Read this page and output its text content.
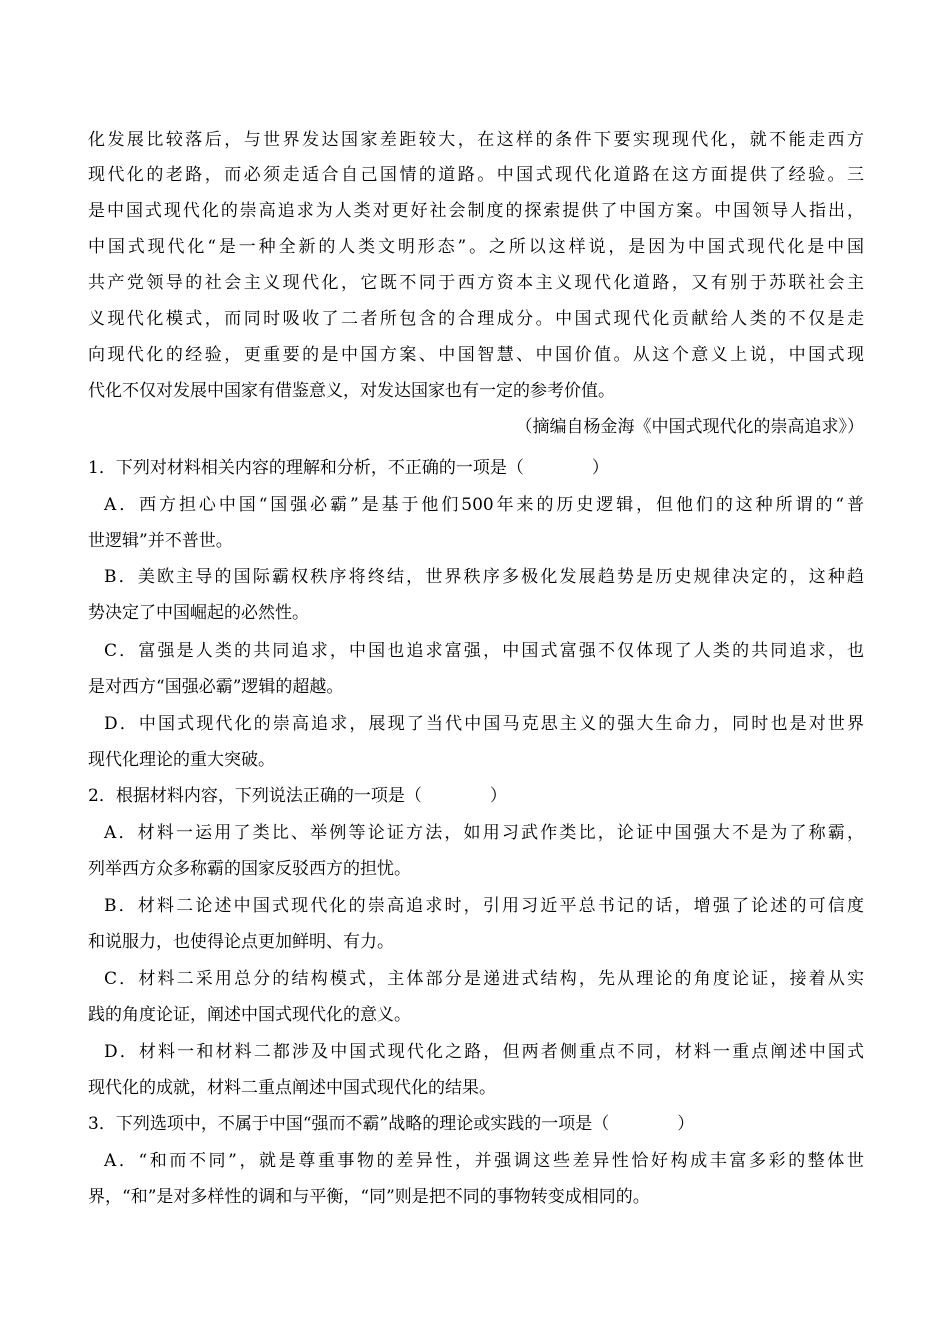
化发展比较落后，与世界发达国家差距较大，在这样的条件下要实现现代化，就不能走西方
现代化的老路，而必须走适合自己国情的道路。中国式现代化道路在这方面提供了经验。三
是中国式现代化的崇高追求为人类对更好社会制度的探索提供了中国方案。中国领导人指出，
中国式现代化“是一种全新的人类文明形态”。之所以这样说，是因为中国式现代化是中国
共产党领导的社会主义现代化，它既不同于西方资本主义现代化道路，又有别于苏联社会主
义现代化模式，而同时吸收了二者所包含的合理成分。中国式现代化贡献给人类的不仅是走
向现代化的经验，更重要的是中国方案、中国智慧、中国价值。从这个意义上说，中国式现
代化不仅对发展中国家有借鉴意义，对发达国家也有一定的参考价值。
（摘编自杨金海《中国式现代化的崇高追求》）
1．下列对材料相关内容的理解和分析，不正确的一项是（　　　　）
A．西方担心中国“国强必霸”是基于他们500年来的历史逻辑，但他们的这种所谓的“普
世逻辑”并不普世。
B．美欧主导的国际霸权秩序将终结，世界秩序多极化发展趋势是历史规律决定的，这种趋
势决定了中国崛起的必然性。
C．富强是人类的共同追求，中国也追求富强，中国式富强不仅体现了人类的共同追求，也
是对西方“国强必霸”逻辑的超越。
D．中国式现代化的崇高追求，展现了当代中国马克思主义的强大生命力，同时也是对世界
现代化理论的重大突破。
2．根据材料内容，下列说法正确的一项是（　　　　）
A．材料一运用了类比、举例等论证方法，如用习武作类比，论证中国强大不是为了称霸，
列举西方众多称霸的国家反驳西方的担忧。
B．材料二论述中国式现代化的崇高追求时，引用习近平总书记的话，增强了论述的可信度
和说服力，也使得论点更加鲜明、有力。
C．材料二采用总分的结构模式，主体部分是递进式结构，先从理论的角度论证，接着从实
践的角度论证，阐述中国式现代化的意义。
D．材料一和材料二都涉及中国式现代化之路，但两者侧重点不同，材料一重点阐述中国式
现代化的成就，材料二重点阐述中国式现代化的结果。
3．下列选项中，不属于中国“强而不霸”战略的理论或实践的一项是（　　　　）
A．“和而不同”，就是尊重事物的差异性，并强调这些差异性恰好构成丰富多彩的整体世
界，“和”是对多样性的调和与平衡，“同”则是把不同的事物转变成相同的。
